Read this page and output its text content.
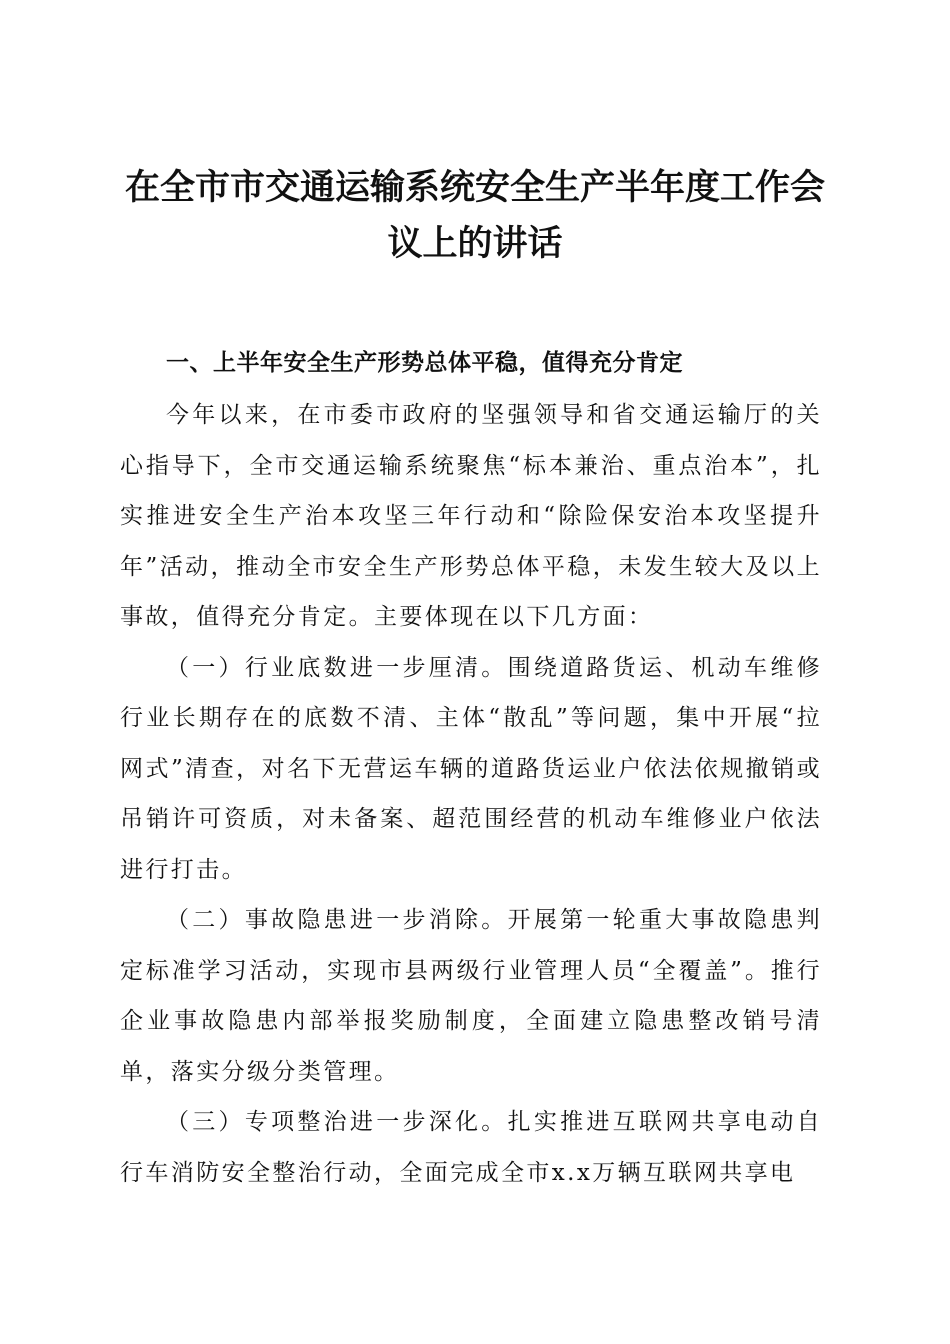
在全市市交通运输系统安全生产半年度工作会
议上的讲话

一、上半年安全生产形势总体平稳，值得充分肯定

今年以来，在市委市政府的坚强领导和省交通运输厅的关心指导下，全市交通运输系统聚焦“标本兼治、重点治本”，扎实推进安全生产治本攻坚三年行动和“除险保安治本攻坚提升年”活动，推动全市安全生产形势总体平稳，未发生较大及以上事故，值得充分肯定。主要体现在以下几方面：

（一）行业底数进一步厘清。围绕道路货运、机动车维修行业长期存在的底数不清、主体“散乱”等问题，集中开展“拉网式”清查，对名下无营运车辆的道路货运业户依法依规撤销或吊销许可资质，对未备案、超范围经营的机动车维修业户依法进行打击。

（二）事故隐患进一步消除。开展第一轮重大事故隐患判定标准学习活动，实现市县两级行业管理人员“全覆盖”。推行企业事故隐患内部举报奖励制度，全面建立隐患整改销号清单，落实分级分类管理。

（三）专项整治进一步深化。扎实推进互联网共享电动自行车消防安全整治行动，全面完成全市x.x万辆互联网共享电
